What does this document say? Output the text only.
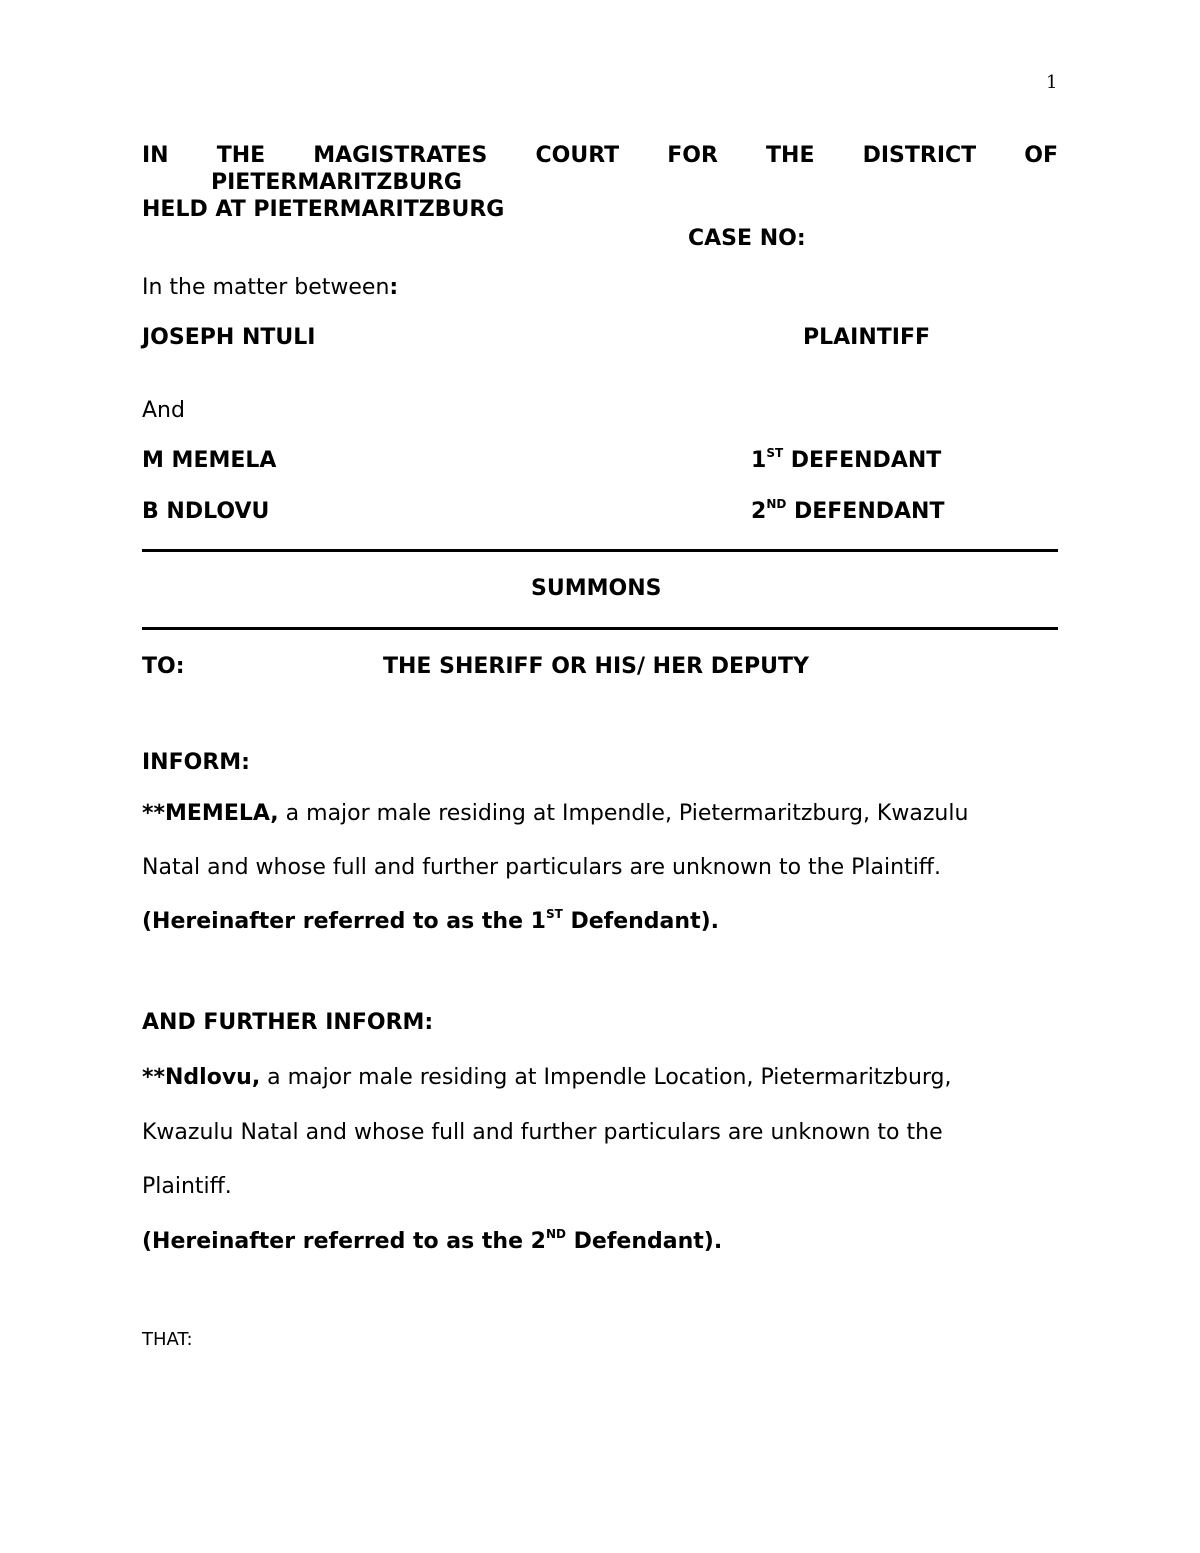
1
IN THE MAGISTRATES COURT FOR THE DISTRICT OF
PIETERMARITZBURG
HELD AT PIETERMARITZBURG
CASE NO:
In the matter between:
JOSEPH NTULI	PLAINTIFF
And
M MEMELA	1ST DEFENDANT
B NDLOVU	2ND DEFENDANT
SUMMONS
TO:	THE SHERIFF OR HIS/ HER DEPUTY
INFORM:
**MEMELA, a major male residing at Impendle, Pietermaritzburg, Kwazulu
Natal and whose full and further particulars are unknown to the Plaintiff.
(Hereinafter referred to as the 1ST Defendant).
AND FURTHER INFORM:
**Ndlovu, a major male residing at Impendle Location, Pietermaritzburg,
Kwazulu Natal and whose full and further particulars are unknown to the
Plaintiff.
(Hereinafter referred to as the 2ND Defendant).
THAT:
